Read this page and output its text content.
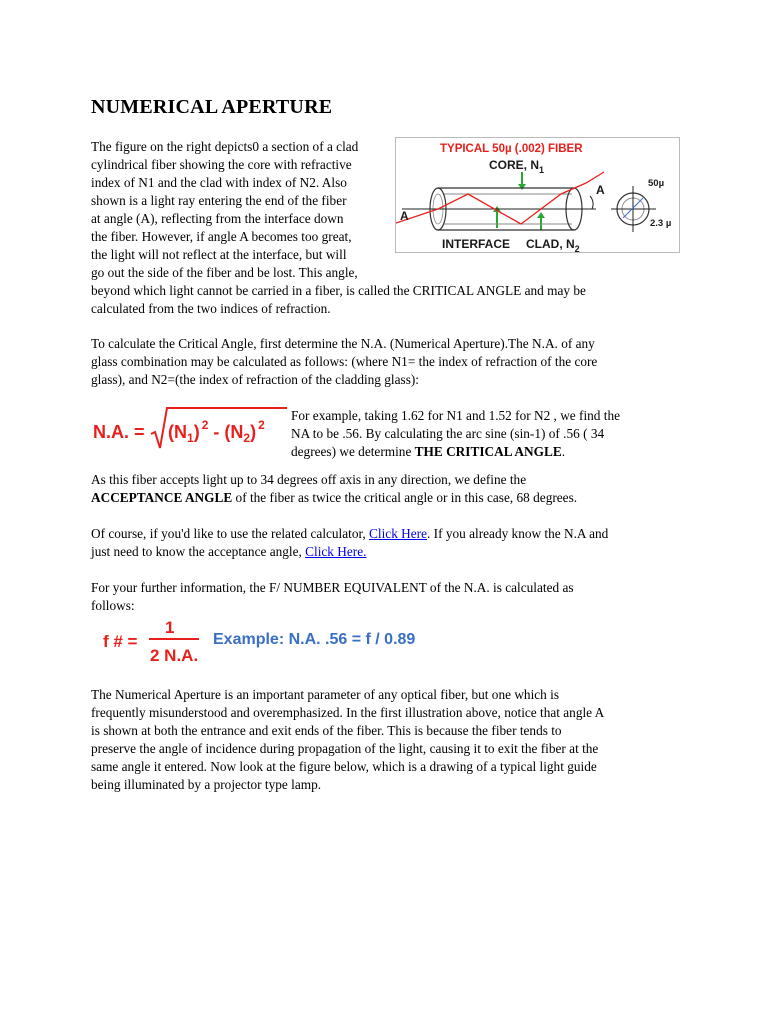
NUMERICAL APERTURE
The figure on the right depicts0 a section of a clad
cylindrical fiber showing the core with refractive
index of N1 and the clad with index of N2. Also
shown is a light ray entering the end of the fiber
at angle (A), reflecting from the interface down
the fiber. However, if angle A becomes too great,
the light will not reflect at the interface, but will
go out the side of the fiber and be lost. This angle,
beyond which light cannot be carried in a fiber, is called the CRITICAL ANGLE and may be
calculated from the two indices of refraction.
TYPICAL 50µ (.002) FIBER
CORE, $N_1$
A
A	50µ
2.3 µ
INTERFACE CLAD, $N_2$
To calculate the Critical Angle, first determine the N.A. (Numerical Aperture).The N.A. of any
glass combination may be calculated as follows: (where N1= the index of refraction of the core
glass), and N2=(the index of refraction of the cladding glass):
N.A. = $(N_1)$ $^2 - (N_2)$ $^2$
For example, taking 1.62 for N1 and 1.52 for N2 , we find the
NA to be .56. By calculating the arc sine (sin-1) of .56 ( 34
degrees) we determine THE CRITICAL ANGLE.
As this fiber accepts light up to 34 degrees off axis in any direction, we define the
ACCEPTANCE ANGLE of the fiber as twice the critical angle or in this case, 68 degrees.
Of course, if you'd like to use the related calculator, Click Here. If you already know the N.A and
just need to know the acceptance angle, Click Here.
For your further information, the F/ NUMBER EQUIVALENT of the N.A. is calculated as
follows:
f # =
1
2 N.A.
Example: N.A. .56 = f / 0.89
The Numerical Aperture is an important parameter of any optical fiber, but one which is
frequently misunderstood and overemphasized. In the first illustration above, notice that angle A
is shown at both the entrance and exit ends of the fiber. This is because the fiber tends to
preserve the angle of incidence during propagation of the light, causing it to exit the fiber at the
same angle it entered. Now look at the figure below, which is a drawing of a typical light guide
being illuminated by a projector type lamp.
